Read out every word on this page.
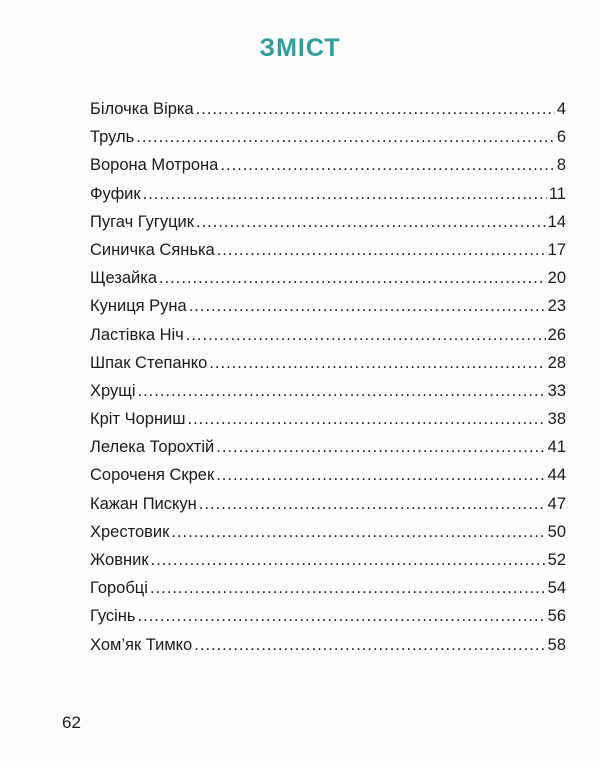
ЗМІСТ
Білочка Вірка .....	4
Труль .....	6
Ворона Мотрона .....	8
Фуфик .....	11
Пугач Гугуцик .....	14
Синичка Сянька .....	17
Щезайка .....	20
Куниця Руна .....	23
Ластівка Ніч .....	26
Шпак Степанко .....	28
Хрущі .....	33
Кріт Чорниш .....	38
Лелека Торохтій .....	41
Сороченя Скрек .....	44
Кажан Пискун .....	47
Хрестовик .....	50
Жовник .....	52
Горобці .....	54
Гусінь .....	56
Хом’як Тимко .....	58
62
